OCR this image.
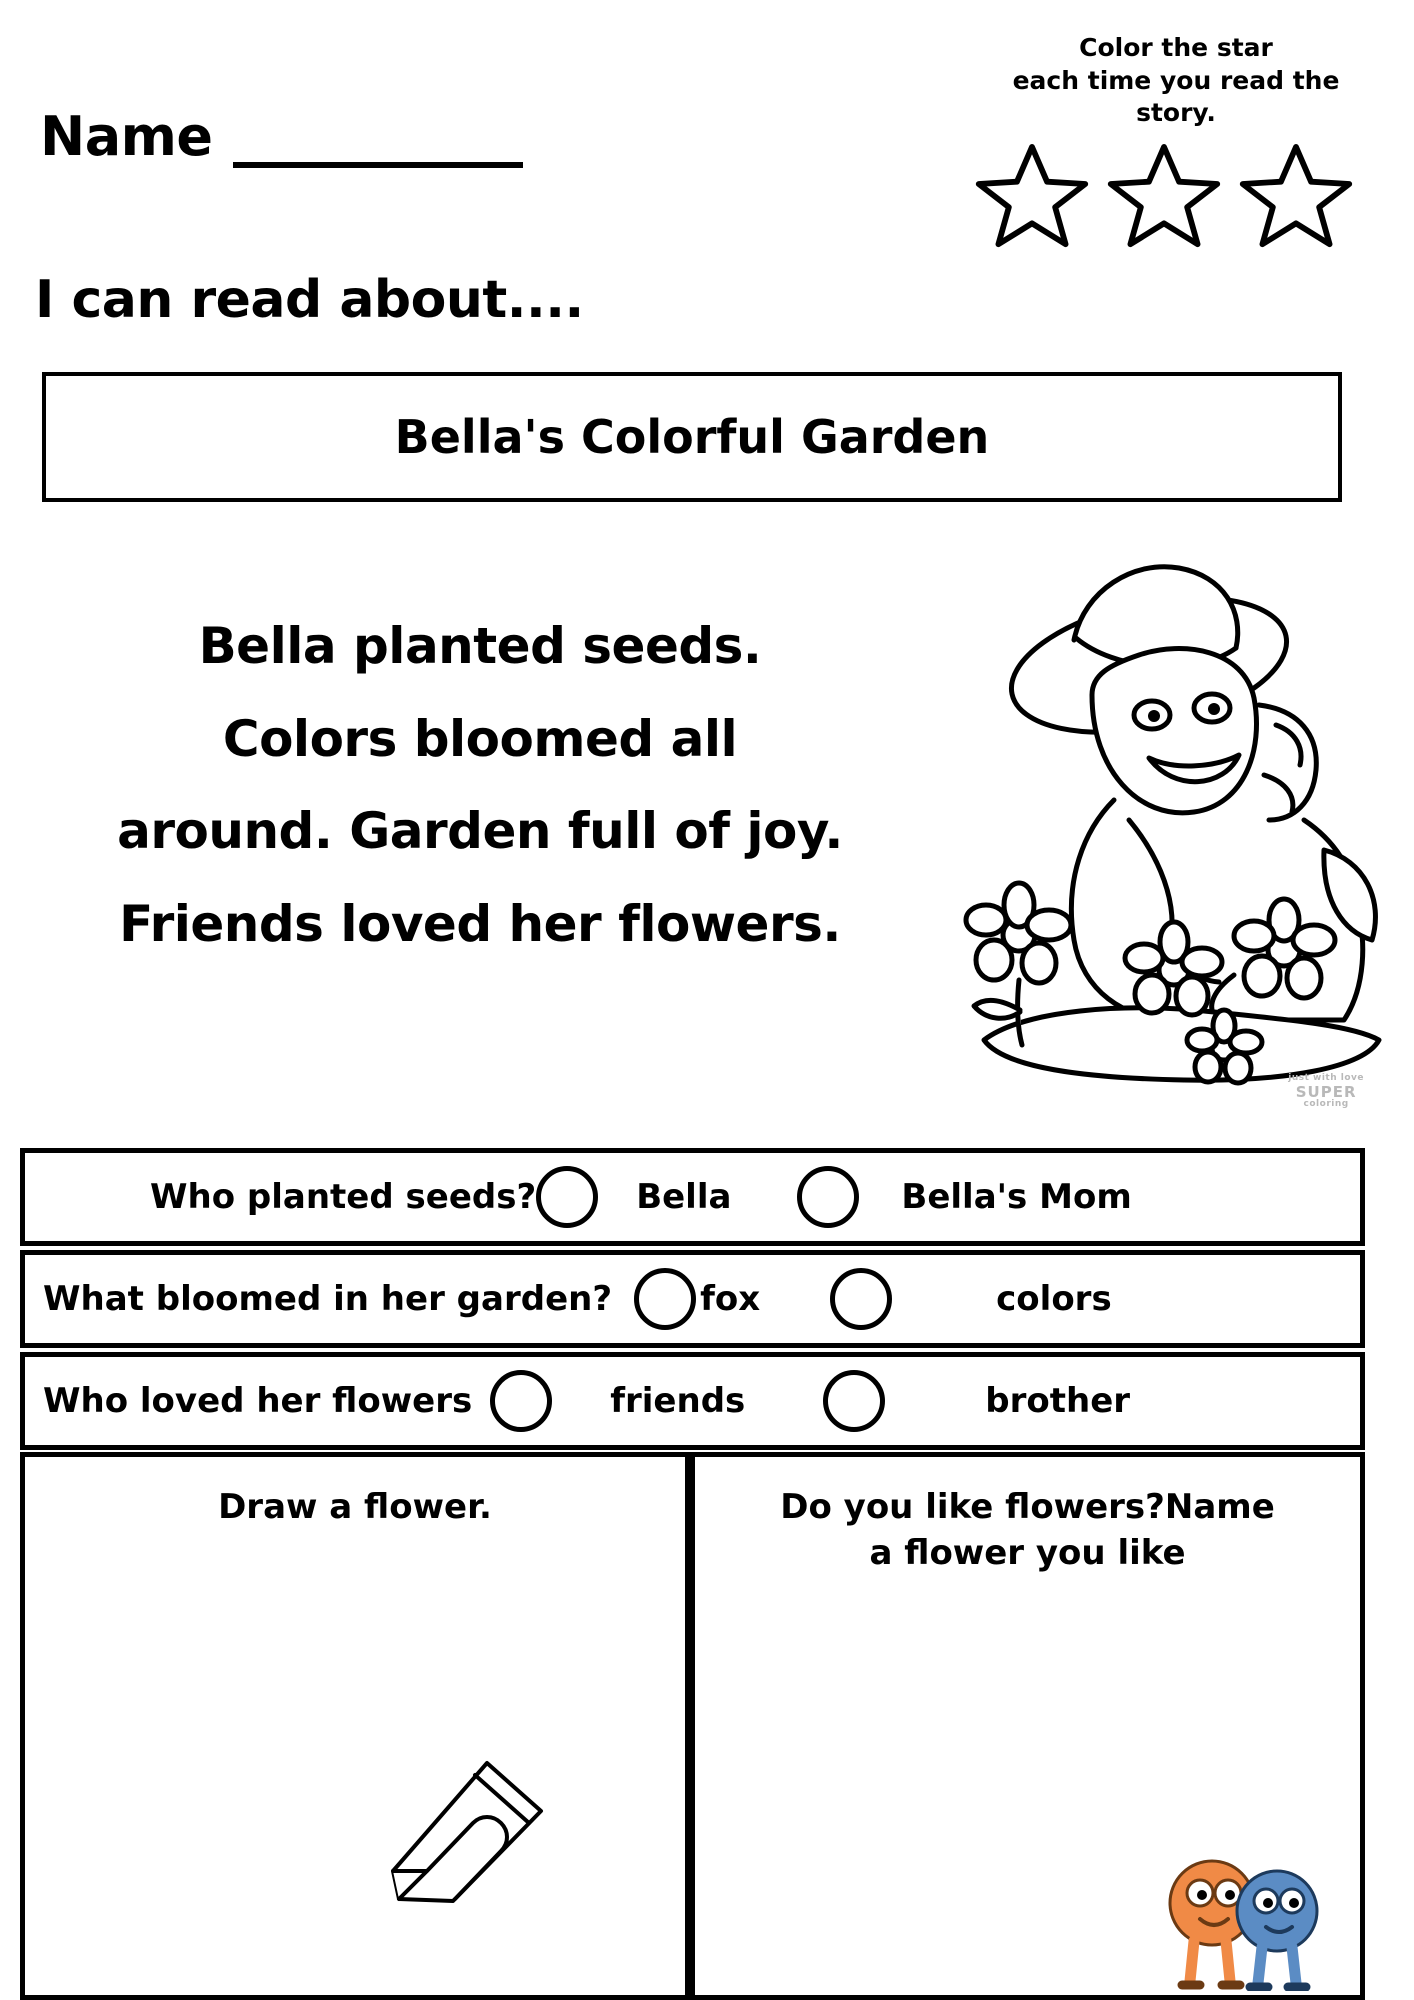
Color the star
each time you read the story.
Name
I can read about....
Bella's Colorful Garden
Bella planted seeds.
Colors bloomed all
around. Garden full of joy.
Friends loved her flowers.
just with love
SUPER
coloring
Who planted seeds?	Bella	Bella's Mom
What bloomed in her garden?	fox	colors
Who loved her flowers	friends	brother
Draw a flower.	Do you like flowers?Name
a flower you like
